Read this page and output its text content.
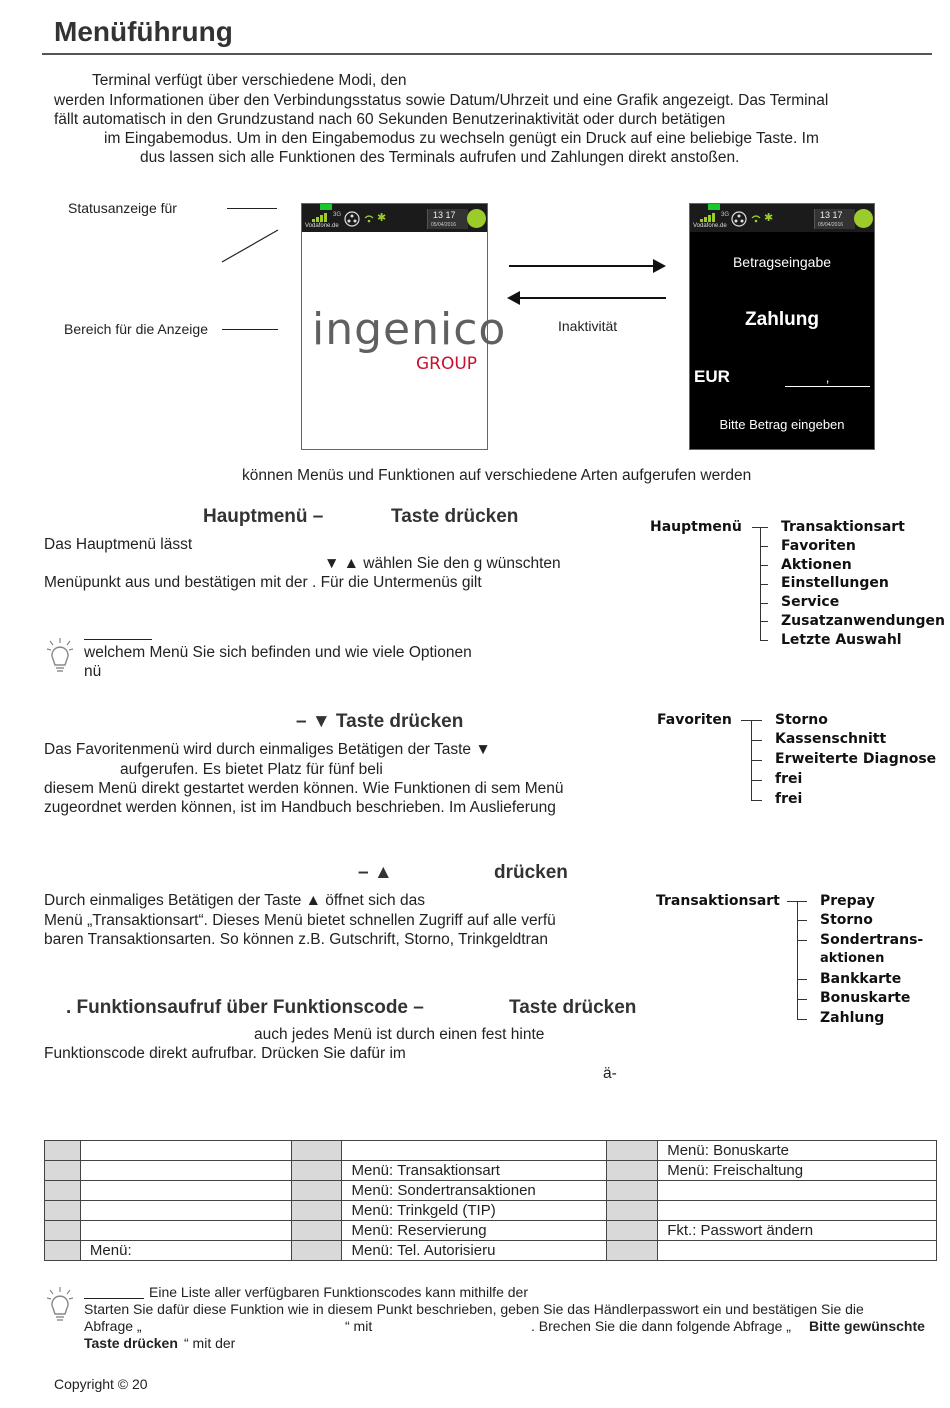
Menüführung
Terminal verfügt über verschiedene Modi, den
werden Informationen über den Verbindungsstatus sowie Datum/Uhrzeit und eine Grafik angezeigt. Das Terminal
fällt automatisch in den Grundzustand nach 60 Sekunden Benutzerinaktivität oder durch betätigen
im Eingabemodus. Um in den Eingabemodus zu wechseln genügt ein Druck auf eine beliebige Taste. Im
dus lassen sich alle Funktionen des Terminals aufrufen und Zahlungen direkt anstoßen.
Statusanzeige für
Bereich für die Anzeige
3G
Vodafone.de
✱	13 17
05/04/2016
ingenico
GROUP
Inaktivität
3G
Vodafone.de
✱	13 17
05/04/2016
Betragseingabe
Zahlung
EUR	,
Bitte Betrag eingeben
können Menüs und Funktionen auf verschiedene Arten aufgerufen werden
Hauptmenü –	Taste drücken
Das Hauptmenü lässt
▼ ▲ wählen Sie den g wünschten
Menüpunkt aus und bestätigen mit der . Für die Untermenüs gilt
welchem Menü Sie sich befinden und wie viele Optionen
nü
Hauptmenü	Transaktionsart
Favoriten
Aktionen
Einstellungen
Service
Zusatzanwendungen
Letzte Auswahl
– ▼ Taste drücken
Das Favoritenmenü wird durch einmaliges Betätigen der Taste ▼
aufgerufen. Es bietet Platz für fünf beli
diesem Menü direkt gestartet werden können. Wie Funktionen di sem Menü
zugeordnet werden können, ist im Handbuch beschrieben. Im Auslieferung
Favoriten	Storno
Kassenschnitt
Erweiterte Diagnose
frei
frei
– ▲	drücken
Durch einmaliges Betätigen der Taste ▲ öffnet sich das
Menü „Transaktionsart“. Dieses Menü bietet schnellen Zugriff auf alle verfü
baren Transaktionsarten. So können z.B. Gutschrift, Storno, Trinkgeldtran
Transaktionsart	Prepay
Storno
Sondertrans-
aktionen
Bankkarte
Bonuskarte
Zahlung
. Funktionsaufruf über Funktionscode –	Taste drücken
auch jedes Menü ist durch einen fest hinte
Funktionscode direkt aufrufbar. Drücken Sie dafür im
ä-
					Menü: Bonuskarte
			Menü: Transaktionsart		Menü: Freischaltung
			Menü: Sondertransaktionen		
			Menü: Trinkgeld (TIP)		
			Menü: Reservierung		Fkt.: Passwort ändern
	Menü:		Menü: Tel. Autorisieru		
Eine Liste aller verfügbaren Funktionscodes kann mithilfe der
Starten Sie dafür diese Funktion wie in diesem Punkt beschrieben, geben Sie das Händlerpasswort ein und bestätigen Sie die
Abfrage „	“ mit	. Brechen Sie die dann folgende Abfrage „ Bitte gewünschte
Taste drücken “ mit der
Copyright © 20
